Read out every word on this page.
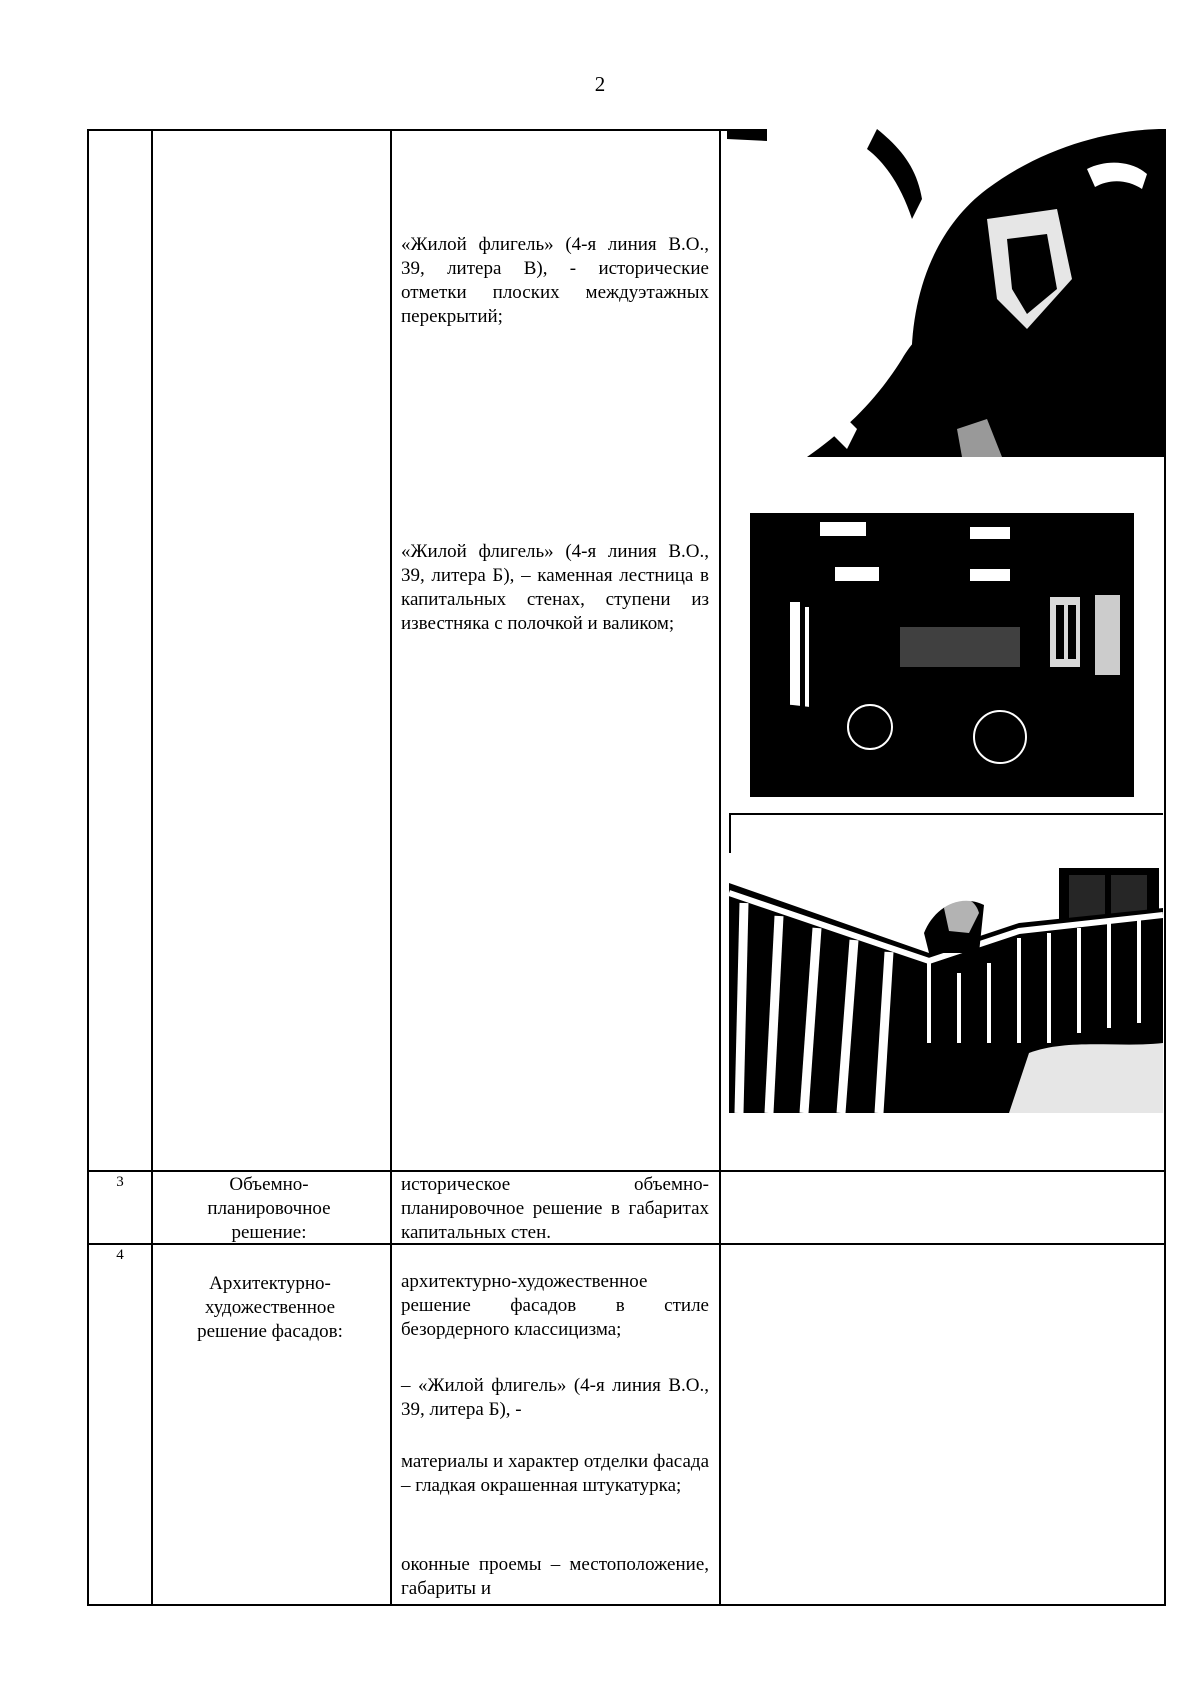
2

«Жилой флигель» (4-я линия В.О., 39, литера В), - исторические отметки плоских междуэтажных перекрытий;

«Жилой флигель» (4-я линия В.О., 39, литера Б), – каменная лестница в капитальных стенах, ступени из известняка с полочкой и валиком;

3	Объемно-планировочное решение:

историческое объемно-планировочное решение в габаритах капитальных стен.

4
Архитектурно-художественное решение фасадов:

архитектурно-художественное решение фасадов в стиле безордерного классицизма;

– «Жилой флигель» (4-я линия В.О., 39, литера Б), -

материалы и характер отделки фасада – гладкая окрашенная штукатурка;

оконные проемы – местоположение, габариты и
